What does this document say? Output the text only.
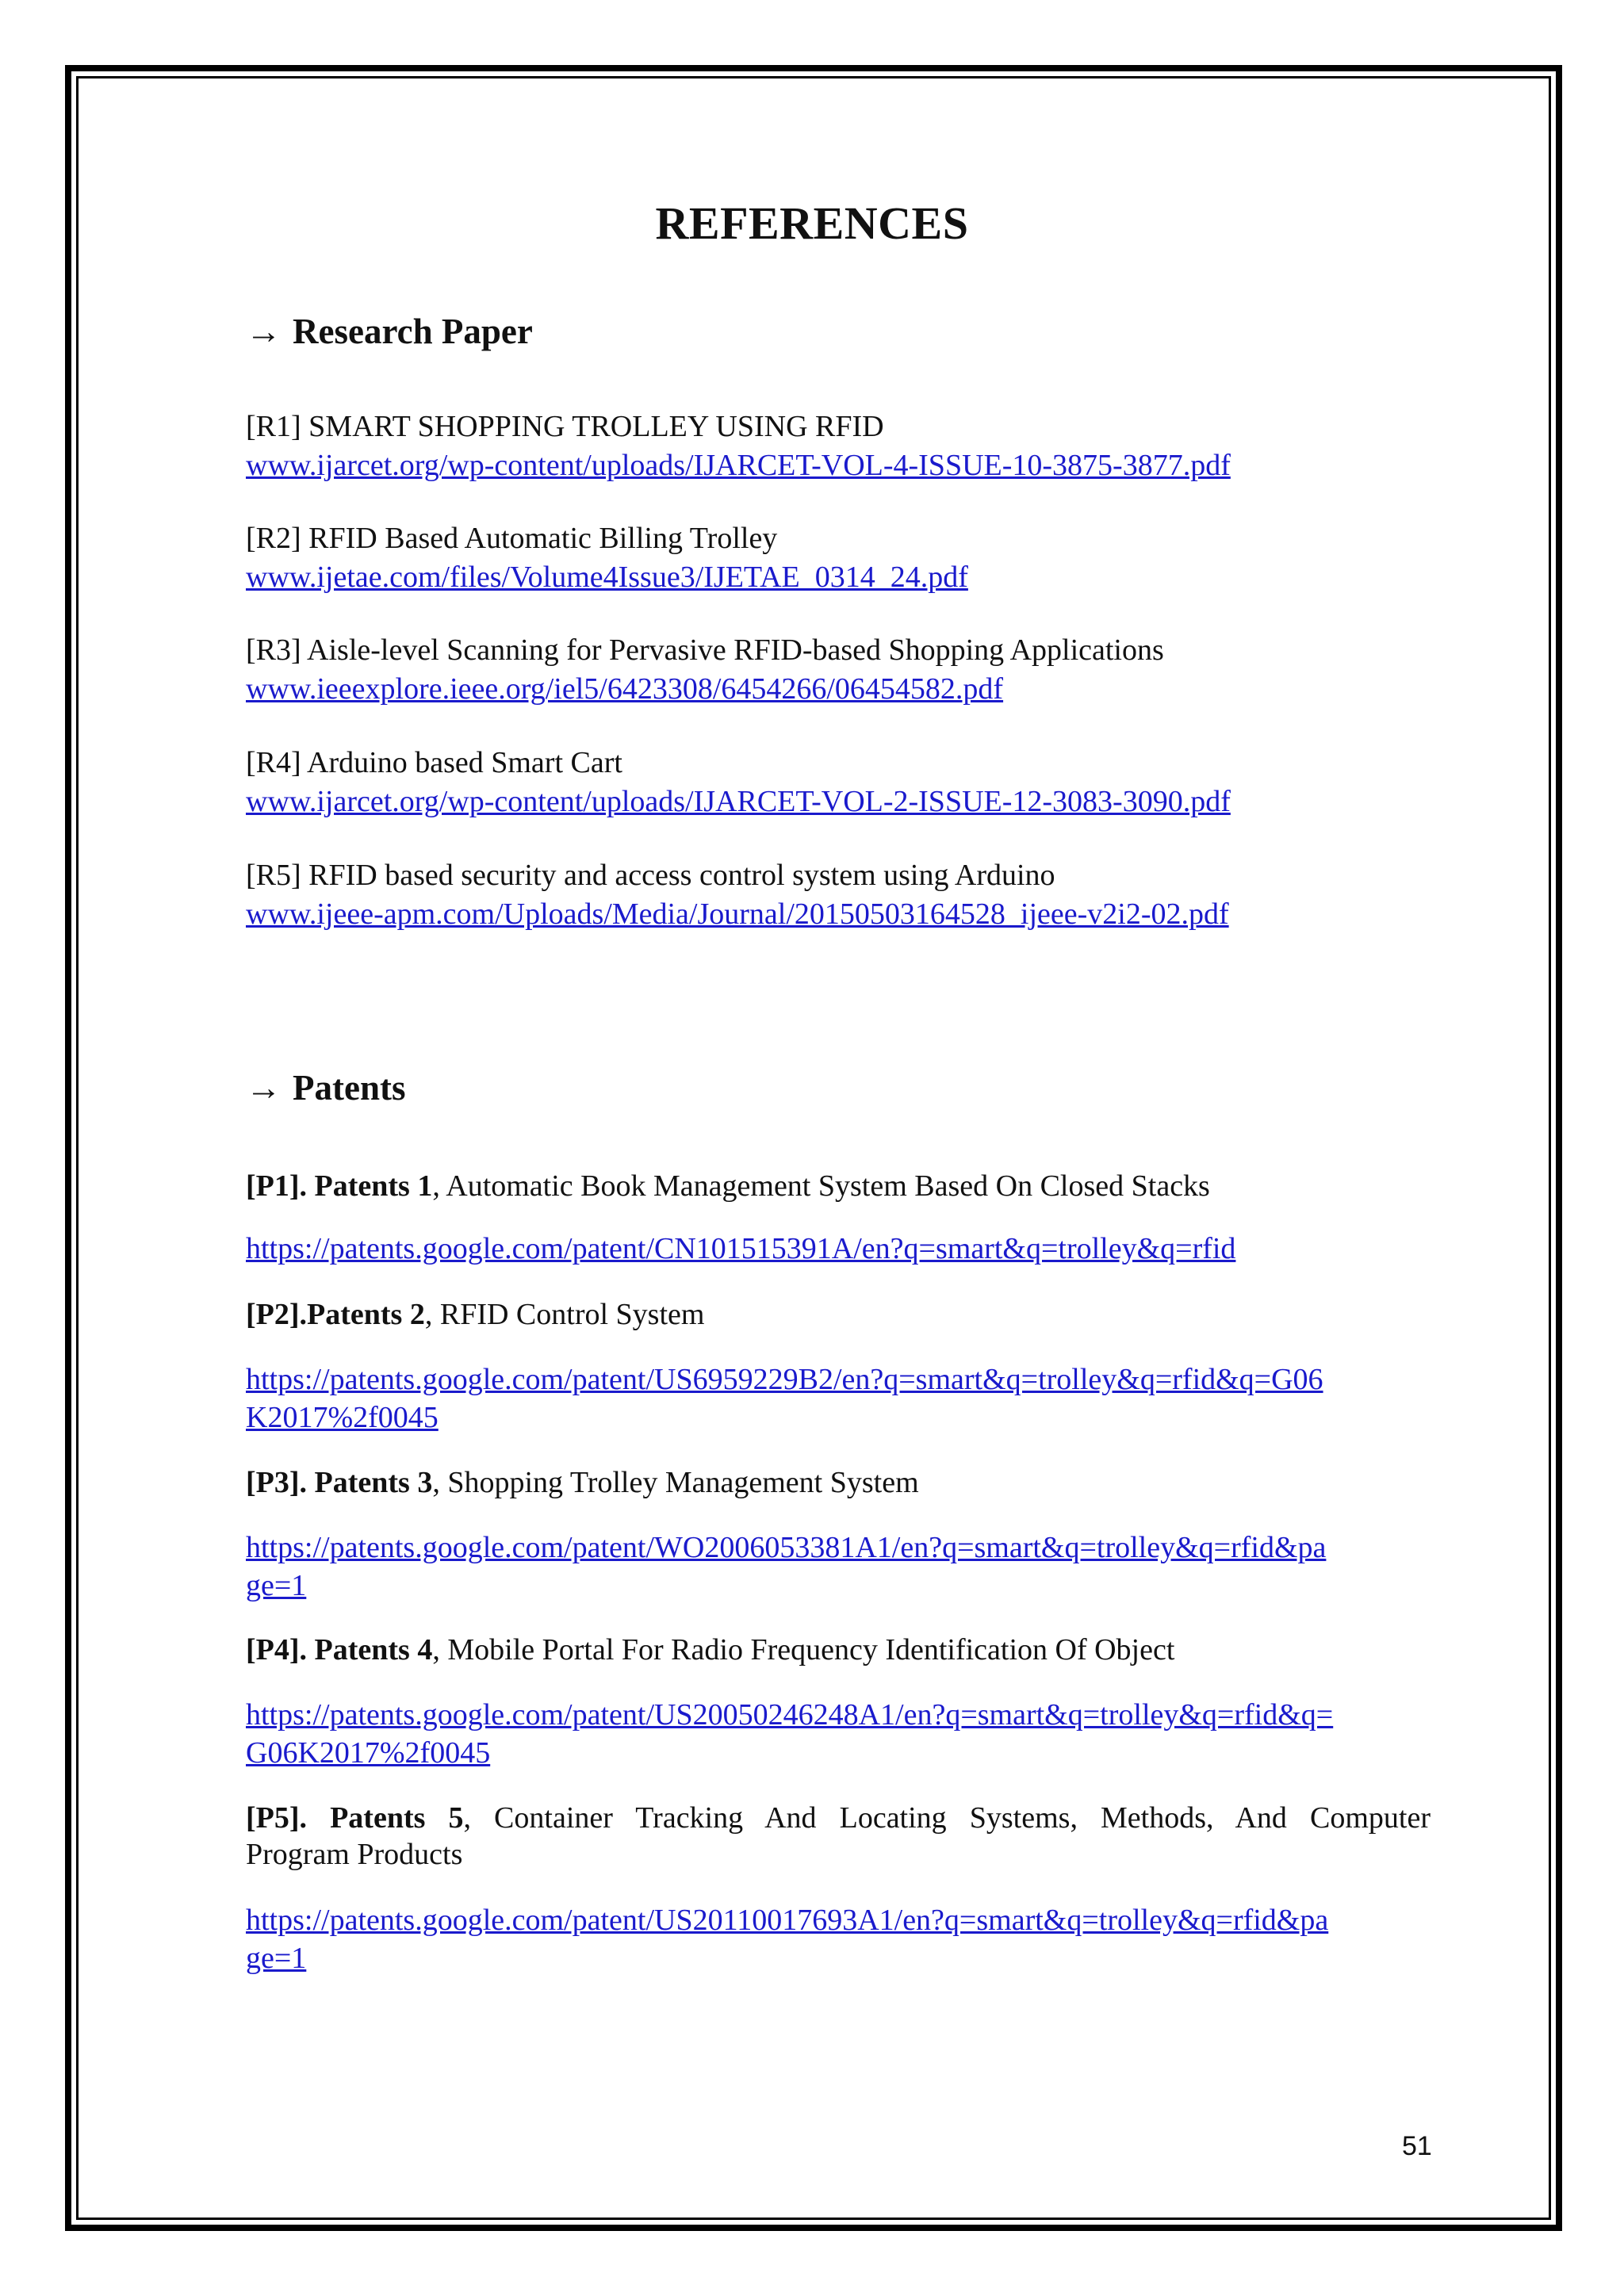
REFERENCES
→ Research Paper
[R1] SMART SHOPPING TROLLEY USING RFID
www.ijarcet.org/wp-content/uploads/IJARCET-VOL-4-ISSUE-10-3875-3877.pdf
[R2] RFID Based Automatic Billing Trolley
www.ijetae.com/files/Volume4Issue3/IJETAE_0314_24.pdf
[R3] Aisle-level Scanning for Pervasive RFID-based Shopping Applications
www.ieeexplore.ieee.org/iel5/6423308/6454266/06454582.pdf
[R4] Arduino based Smart Cart
www.ijarcet.org/wp-content/uploads/IJARCET-VOL-2-ISSUE-12-3083-3090.pdf
[R5] RFID based security and access control system using Arduino
www.ijeee-apm.com/Uploads/Media/Journal/20150503164528_ijeee-v2i2-02.pdf
→ Patents
[P1]. Patents 1, Automatic Book Management System Based On Closed Stacks
https://patents.google.com/patent/CN101515391A/en?q=smart&q=trolley&q=rfid
[P2].Patents 2, RFID Control System
https://patents.google.com/patent/US6959229B2/en?q=smart&q=trolley&q=rfid&q=G06
K2017%2f0045
[P3]. Patents 3, Shopping Trolley Management System
https://patents.google.com/patent/WO2006053381A1/en?q=smart&q=trolley&q=rfid&pa
ge=1
[P4]. Patents 4, Mobile Portal For Radio Frequency Identification Of Object
https://patents.google.com/patent/US20050246248A1/en?q=smart&q=trolley&q=rfid&q=
G06K2017%2f0045
[P5]. Patents 5, Container Tracking And Locating Systems, Methods, And Computer
Program Products
https://patents.google.com/patent/US20110017693A1/en?q=smart&q=trolley&q=rfid&pa
ge=1
51
